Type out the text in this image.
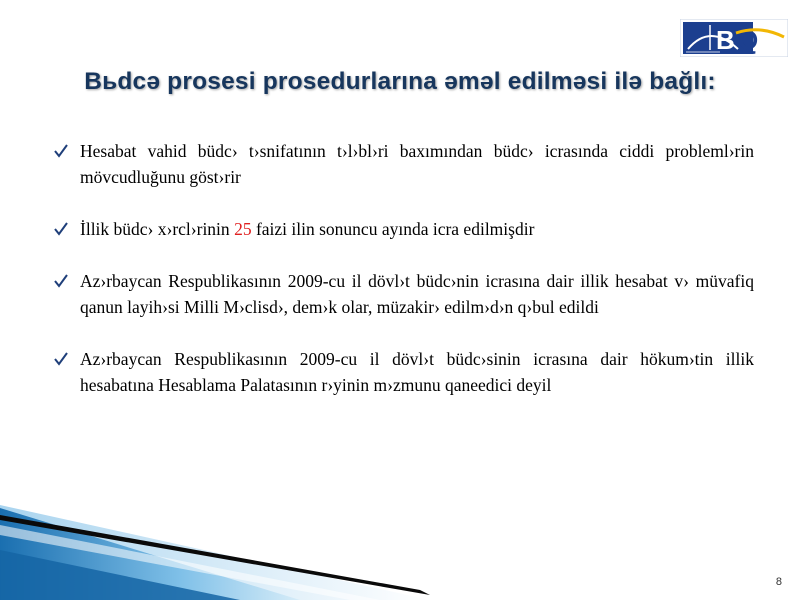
B Q
Вьdcə prosesi prosedurlarına əməl edilməsi ilə bağlı:

Hesabat vahid büdc› t›snifatının t›l›bl›ri baxımından büdc› icrasında ciddi probleml›rin mövcudluğunu göst›rir

İllik büdc› x›rcl›rinin 25 faizi ilin sonuncu ayında icra edilmişdir

Az›rbaycan Respublikasının 2009-cu il dövl›t büdc›nin icrasına dair illik hesabat v› müvafiq qanun layih›si Milli M›clisd›, dem›k olar, müzakir› edilm›d›n q›bul edildi

Az›rbaycan Respublikasının 2009-cu il dövl›t büdc›sinin icrasına dair hökum›tin illik hesabatına Hesablama Palatasının r›yinin m›zmunu qaneedici deyil

8
